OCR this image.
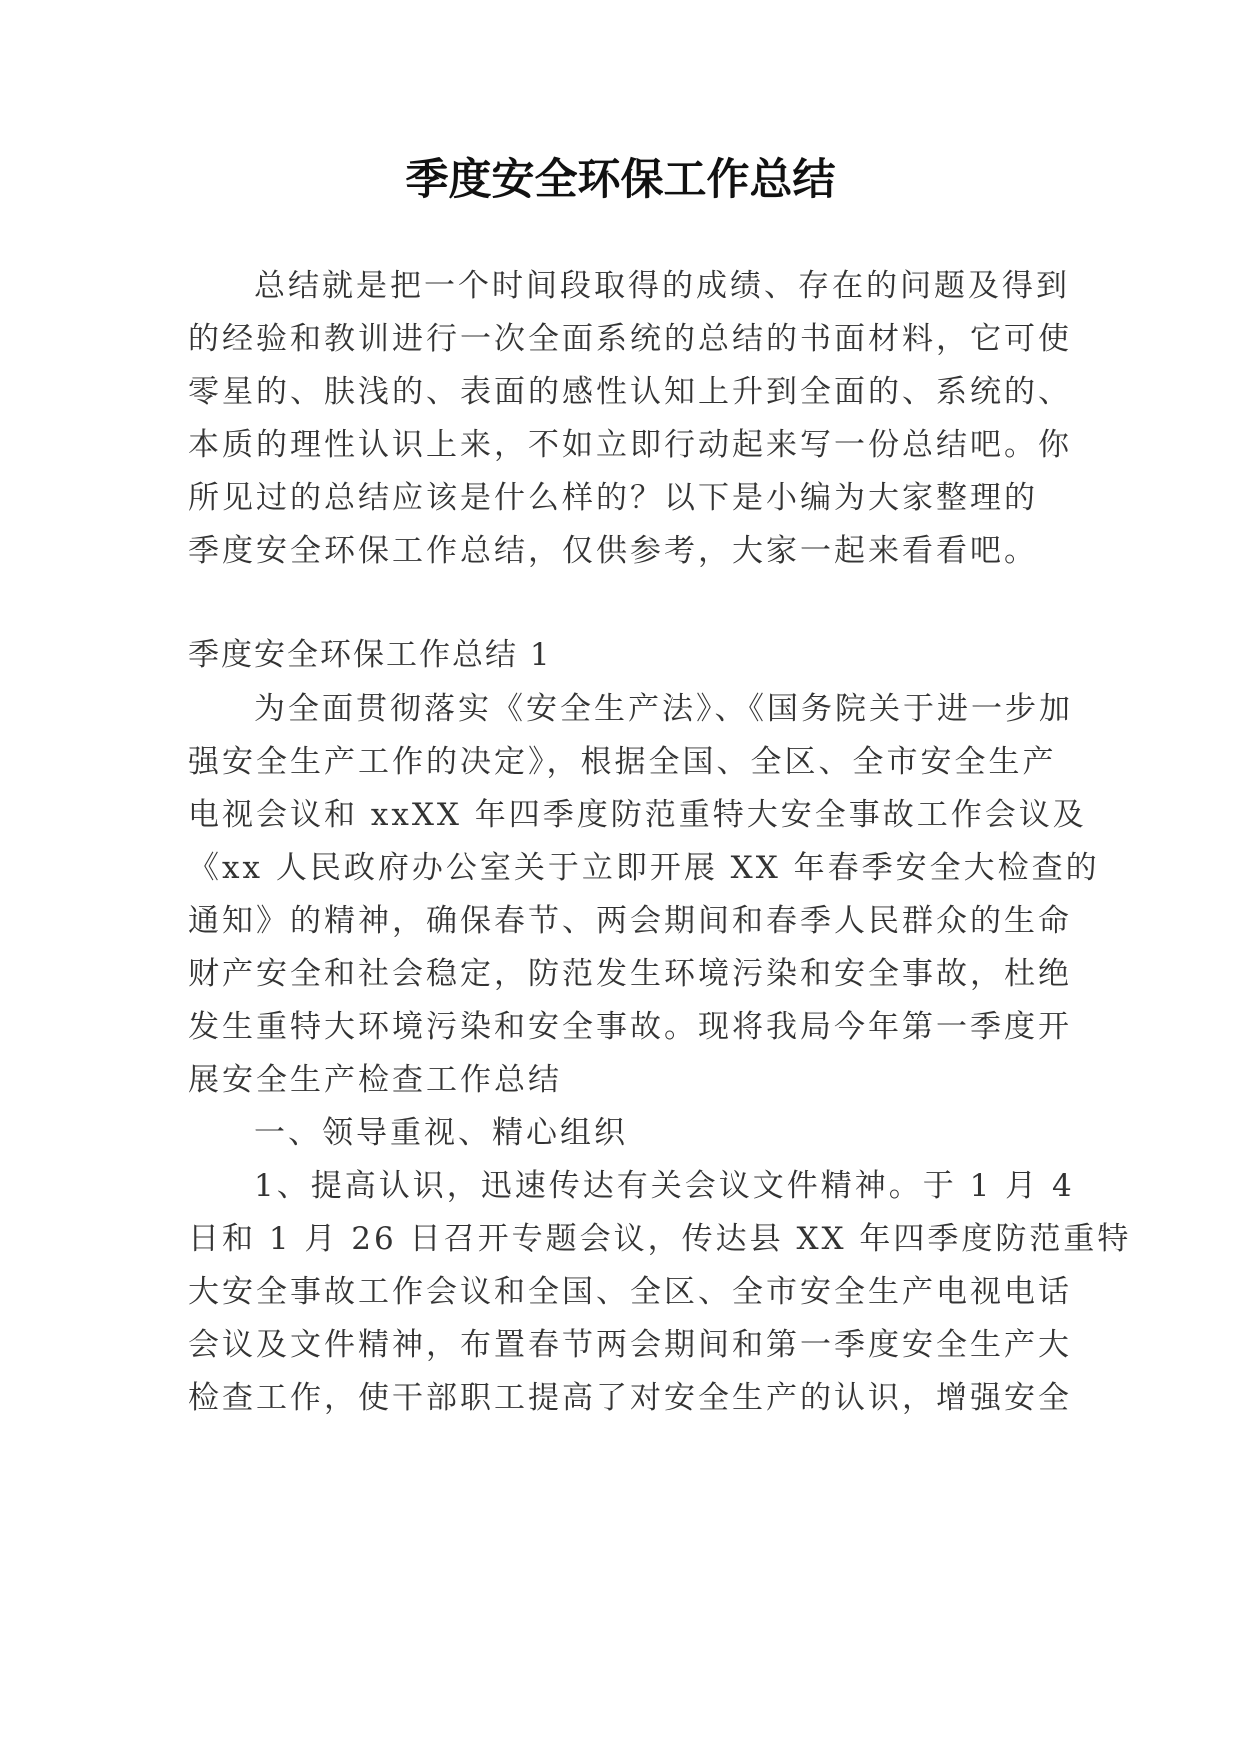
季度安全环保工作总结
总结就是把一个时间段取得的成绩、存在的问题及得到
的经验和教训进行一次全面系统的总结的书面材料，它可使
零星的、肤浅的、表面的感性认知上升到全面的、系统的、
本质的理性认识上来，不如立即行动起来写一份总结吧。你
所见过的总结应该是什么样的？以下是小编为大家整理的
季度安全环保工作总结，仅供参考，大家一起来看看吧。
季度安全环保工作总结 1
为全面贯彻落实《安全生产法》、《国务院关于进一步加
强安全生产工作的决定》，根据全国、全区、全市安全生产
电视会议和 xxXX 年四季度防范重特大安全事故工作会议及
《xx 人民政府办公室关于立即开展 XX 年春季安全大检查的
通知》的精神，确保春节、两会期间和春季人民群众的生命
财产安全和社会稳定，防范发生环境污染和安全事故，杜绝
发生重特大环境污染和安全事故。现将我局今年第一季度开
展安全生产检查工作总结
一、领导重视、精心组织
1、提高认识，迅速传达有关会议文件精神。于 1 月 4
日和 1 月 26 日召开专题会议，传达县 XX 年四季度防范重特
大安全事故工作会议和全国、全区、全市安全生产电视电话
会议及文件精神，布置春节两会期间和第一季度安全生产大
检查工作，使干部职工提高了对安全生产的认识，增强安全
